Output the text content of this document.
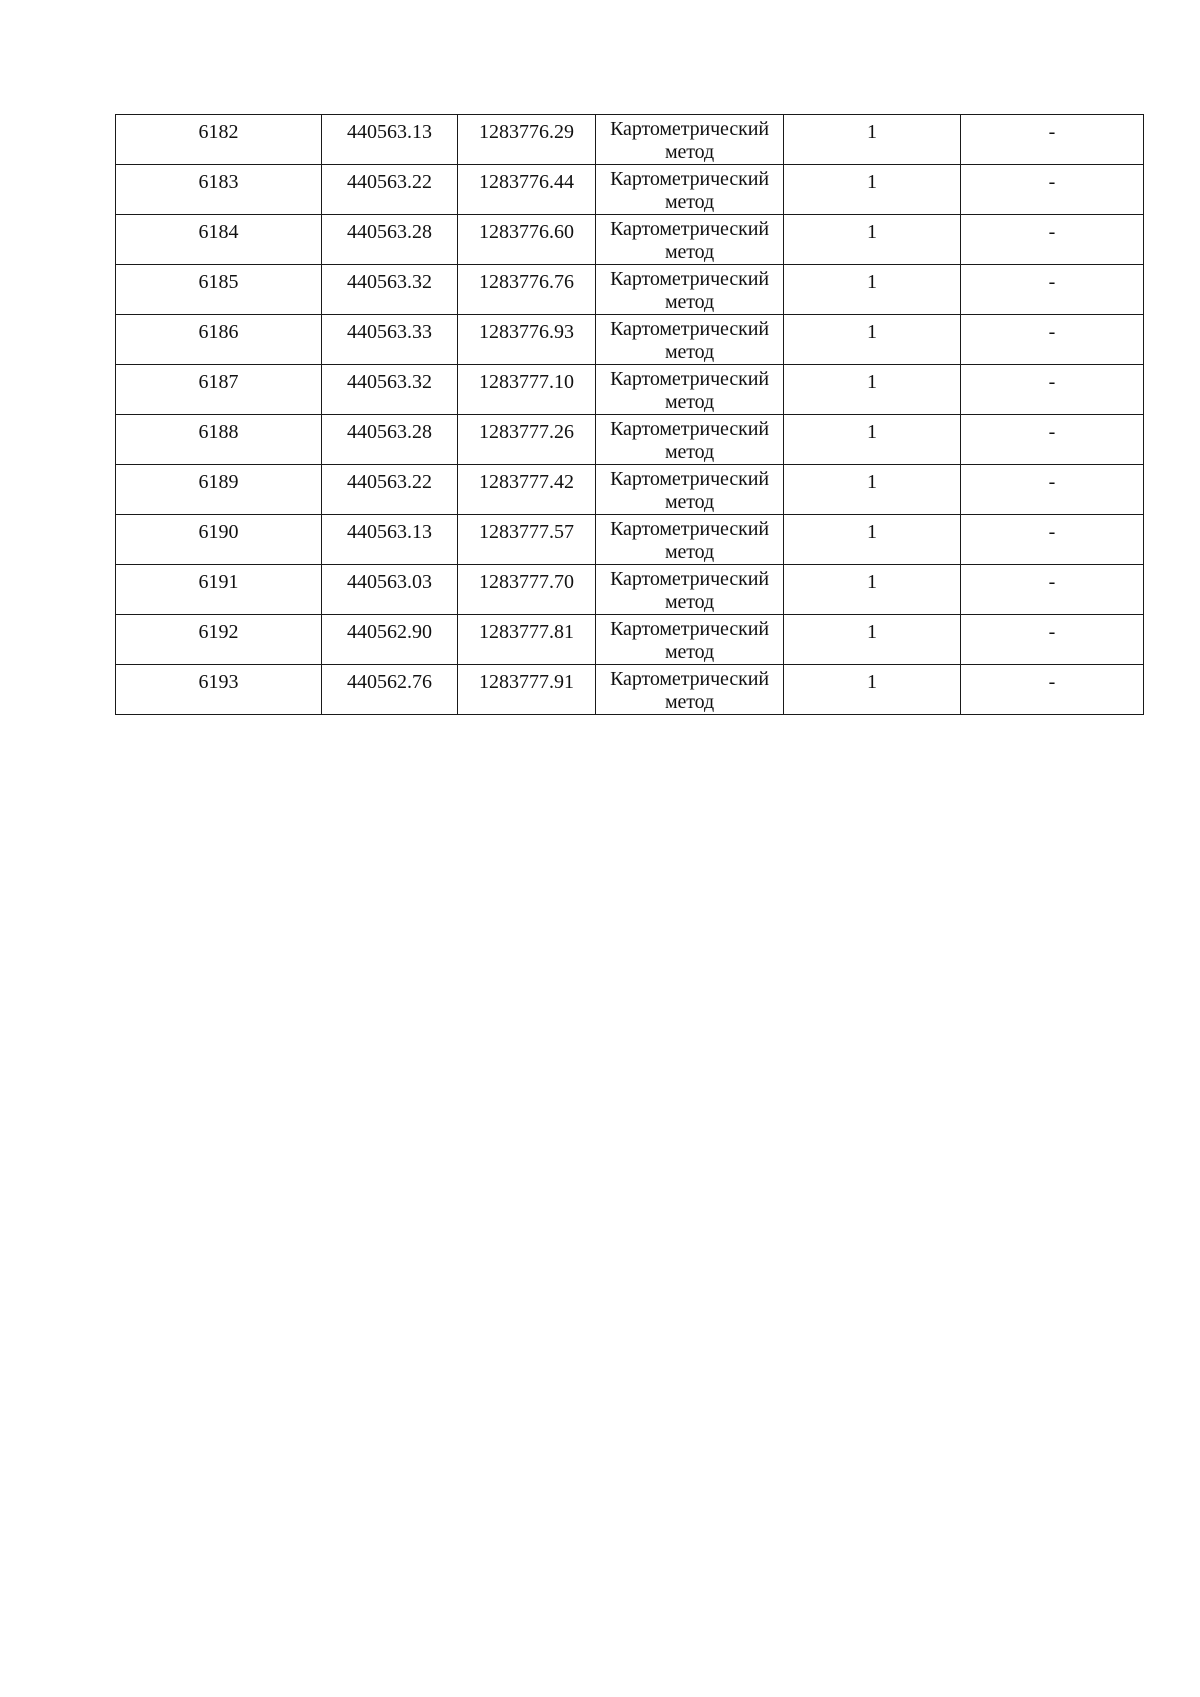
6182	440563.13	1283776.29	Картометрический метод	1	-

6183	440563.22	1283776.44	Картометрический метод	1	-

6184	440563.28	1283776.60	Картометрический метод	1	-

6185	440563.32	1283776.76	Картометрический метод	1	-

6186	440563.33	1283776.93	Картометрический метод	1	-

6187	440563.32	1283777.10	Картометрический метод	1	-

6188	440563.28	1283777.26	Картометрический метод	1	-

6189	440563.22	1283777.42	Картометрический метод	1	-

6190	440563.13	1283777.57	Картометрический метод	1	-

6191	440563.03	1283777.70	Картометрический метод	1	-

6192	440562.90	1283777.81	Картометрический метод	1	-

6193	440562.76	1283777.91	Картометрический метод	1	-
